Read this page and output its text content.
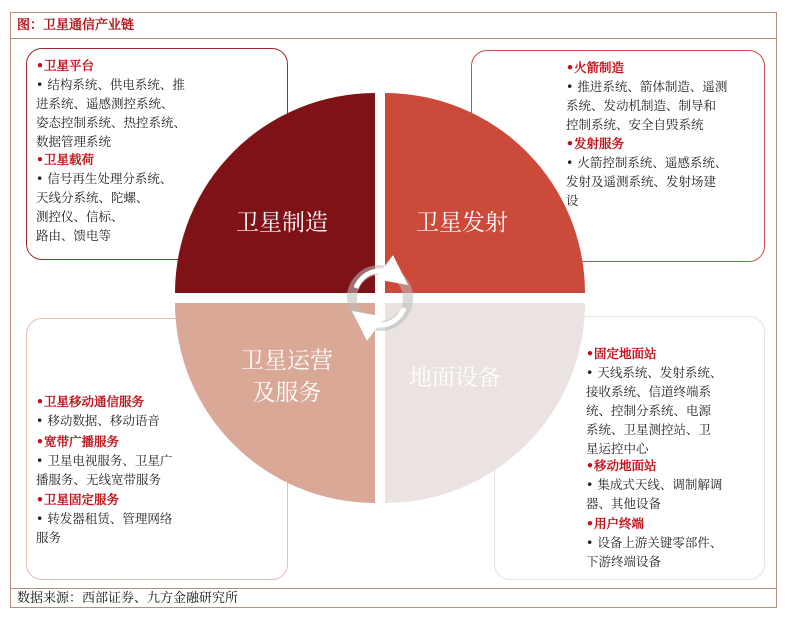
图：卫星通信产业链
•卫星平台
• 结构系统、供电系统、推
进系统、遥感测控系统、
姿态控制系统、热控系统、
数据管理系统
•卫星载荷
• 信号再生处理分系统、
天线分系统、陀螺、
测控仪、信标、
路由、馈电等
•火箭制造
• 推进系统、箭体制造、遥测
系统、发动机制造、制导和
控制系统、安全自毁系统
•发射服务
• 火箭控制系统、遥感系统、
发射及遥测系统、发射场建
设
•卫星移动通信服务
• 移动数据、移动语音
•宽带广播服务
• 卫星电视服务、卫星广
播服务、无线宽带服务
•卫星固定服务
• 转发器租赁、管理网络
服务
•固定地面站
• 天线系统、发射系统、
接收系统、信道终端系
统、控制分系统、电源
系统、卫星测控站、卫
星运控中心
•移动地面站
• 集成式天线、调制解调
器、其他设备
•用户终端
• 设备上游关键零部件、
下游终端设备
卫星制造	卫星发射
卫星运营
及服务
地面设备
数据来源：西部证券、九方金融研究所
